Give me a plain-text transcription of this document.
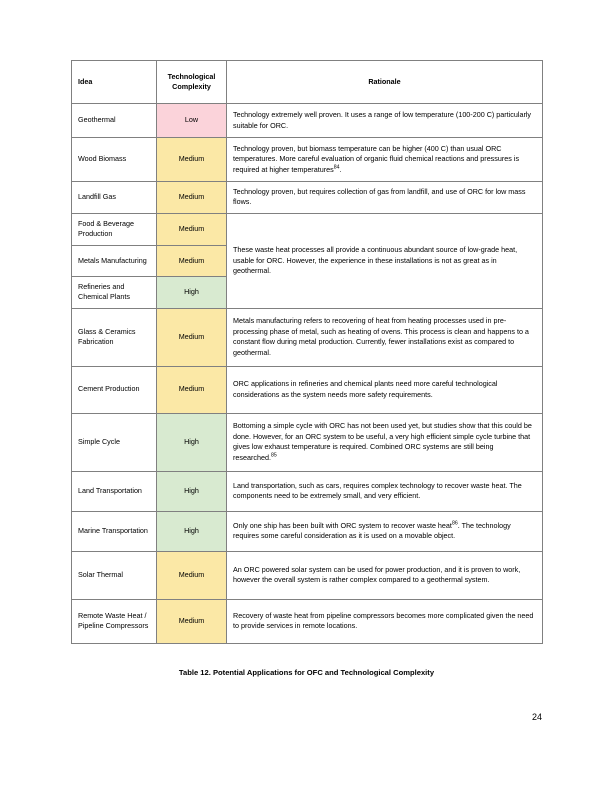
Idea	Technological Complexity	Rationale
Geothermal	Low	Technology extremely well proven. It uses a range of low temperature (100-200 C) particularly suitable for ORC.
Wood Biomass	Medium	Technology proven, but biomass temperature can be higher (400 C) than usual ORC temperatures. More careful evaluation of organic fluid chemical reactions and pressures is required at higher temperatures$^{84}$.
Landfill Gas	Medium	Technology proven, but requires collection of gas from landfill, and use of ORC for low mass flows.
Food & Beverage Production	Medium	These waste heat processes all provide a continuous abundant source of low-grade heat, usable for ORC. However, the experience in these installations is not as great as in geothermal.
Metals Manufacturing	Medium	
Refineries and Chemical Plants	High	
Glass & Ceramics Fabrication	Medium	Metals manufacturing refers to recovering of heat from heating processes used in pre-processing phase of metal, such as heating of ovens. This process is clean and happens to a constant flow during metal production. Currently, fewer installations exist as compared to geothermal.
Cement Production	Medium	ORC applications in refineries and chemical plants need more careful technological considerations as the system needs more safety requirements.
Simple Cycle	High	Bottoming a simple cycle with ORC has not been used yet, but studies show that this could be done. However, for an ORC system to be useful, a very high efficient simple cycle turbine that gives low exhaust temperature is required. Combined ORC systems are still being researched.$^{85}$
Land Transportation	High	Land transportation, such as cars, requires complex technology to recover waste heat. The components need to be extremely small, and very efficient.
Marine Transportation	High	Only one ship has been built with ORC system to recover waste heat$^{86}$. The technology requires some careful consideration as it is used on a movable object.
Solar Thermal	Medium	An ORC powered solar system can be used for power production, and it is proven to work, however the overall system is rather complex compared to a geothermal system.
Remote Waste Heat / Pipeline Compressors	Medium	Recovery of waste heat from pipeline compressors becomes more complicated given the need to provide services in remote locations.
Table 12. Potential Applications for OFC and Technological Complexity
24
